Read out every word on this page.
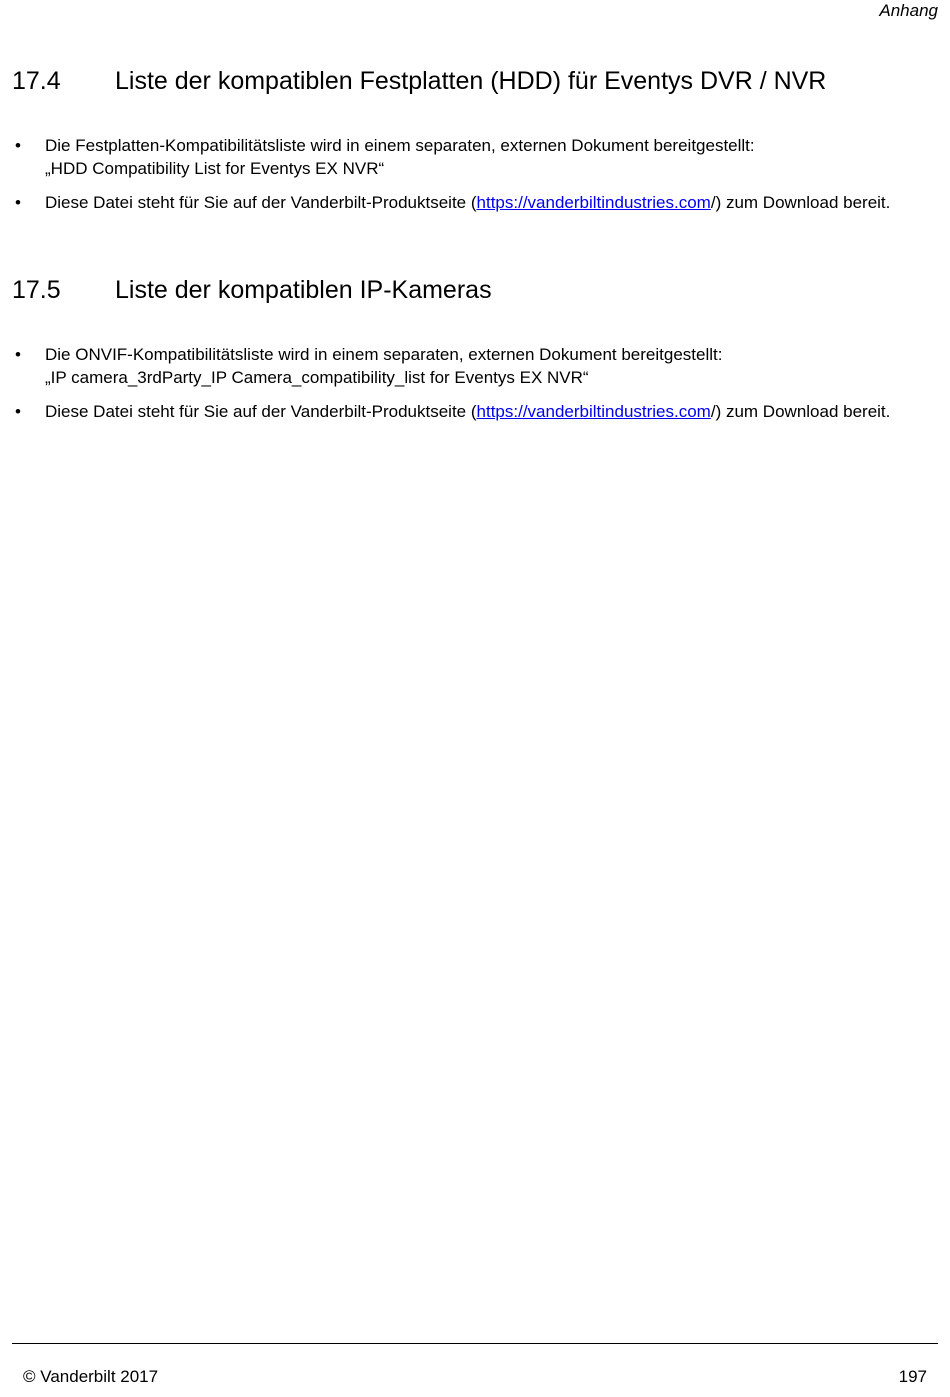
Anhang
17.4 Liste der kompatiblen Festplatten (HDD) für Eventys DVR / NVR
• Die Festplatten-Kompatibilitätsliste wird in einem separaten, externen Dokument bereitgestellt:
„HDD Compatibility List for Eventys EX NVR“
• Diese Datei steht für Sie auf der Vanderbilt-Produktseite (https://vanderbiltindustries.com/) zum Download bereit.
17.5 Liste der kompatiblen IP-Kameras
• Die ONVIF-Kompatibilitätsliste wird in einem separaten, externen Dokument bereitgestellt:
„IP camera_3rdParty_IP Camera_compatibility_list for Eventys EX NVR“
• Diese Datei steht für Sie auf der Vanderbilt-Produktseite (https://vanderbiltindustries.com/) zum Download bereit.
© Vanderbilt 2017	197
